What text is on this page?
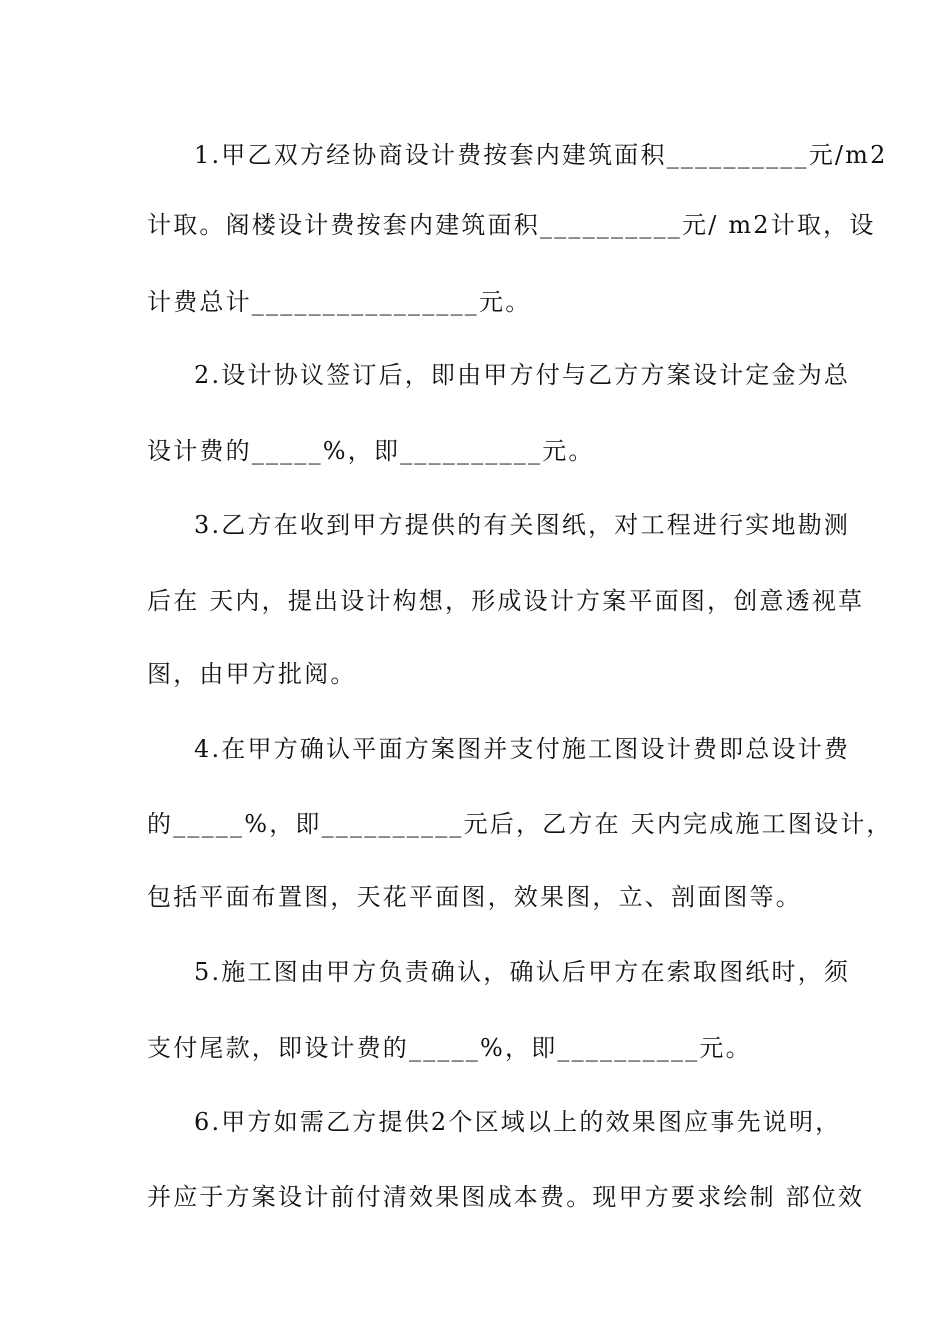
1.甲乙双方经协商设计费按套内建筑面积__________元/m2
计取。阁楼设计费按套内建筑面积__________元/ m2计取，设
计费总计________________元。
2.设计协议签订后，即由甲方付与乙方方案设计定金为总
设计费的_____%，即__________元。
3.乙方在收到甲方提供的有关图纸，对工程进行实地勘测
后在 天内，提出设计构想，形成设计方案平面图，创意透视草
图，由甲方批阅。
4.在甲方确认平面方案图并支付施工图设计费即总设计费
的_____%，即__________元后，乙方在 天内完成施工图设计，
包括平面布置图，天花平面图，效果图，立、剖面图等。
5.施工图由甲方负责确认，确认后甲方在索取图纸时，须
支付尾款，即设计费的_____%，即__________元。
6.甲方如需乙方提供2个区域以上的效果图应事先说明，
并应于方案设计前付清效果图成本费。现甲方要求绘制 部位效
